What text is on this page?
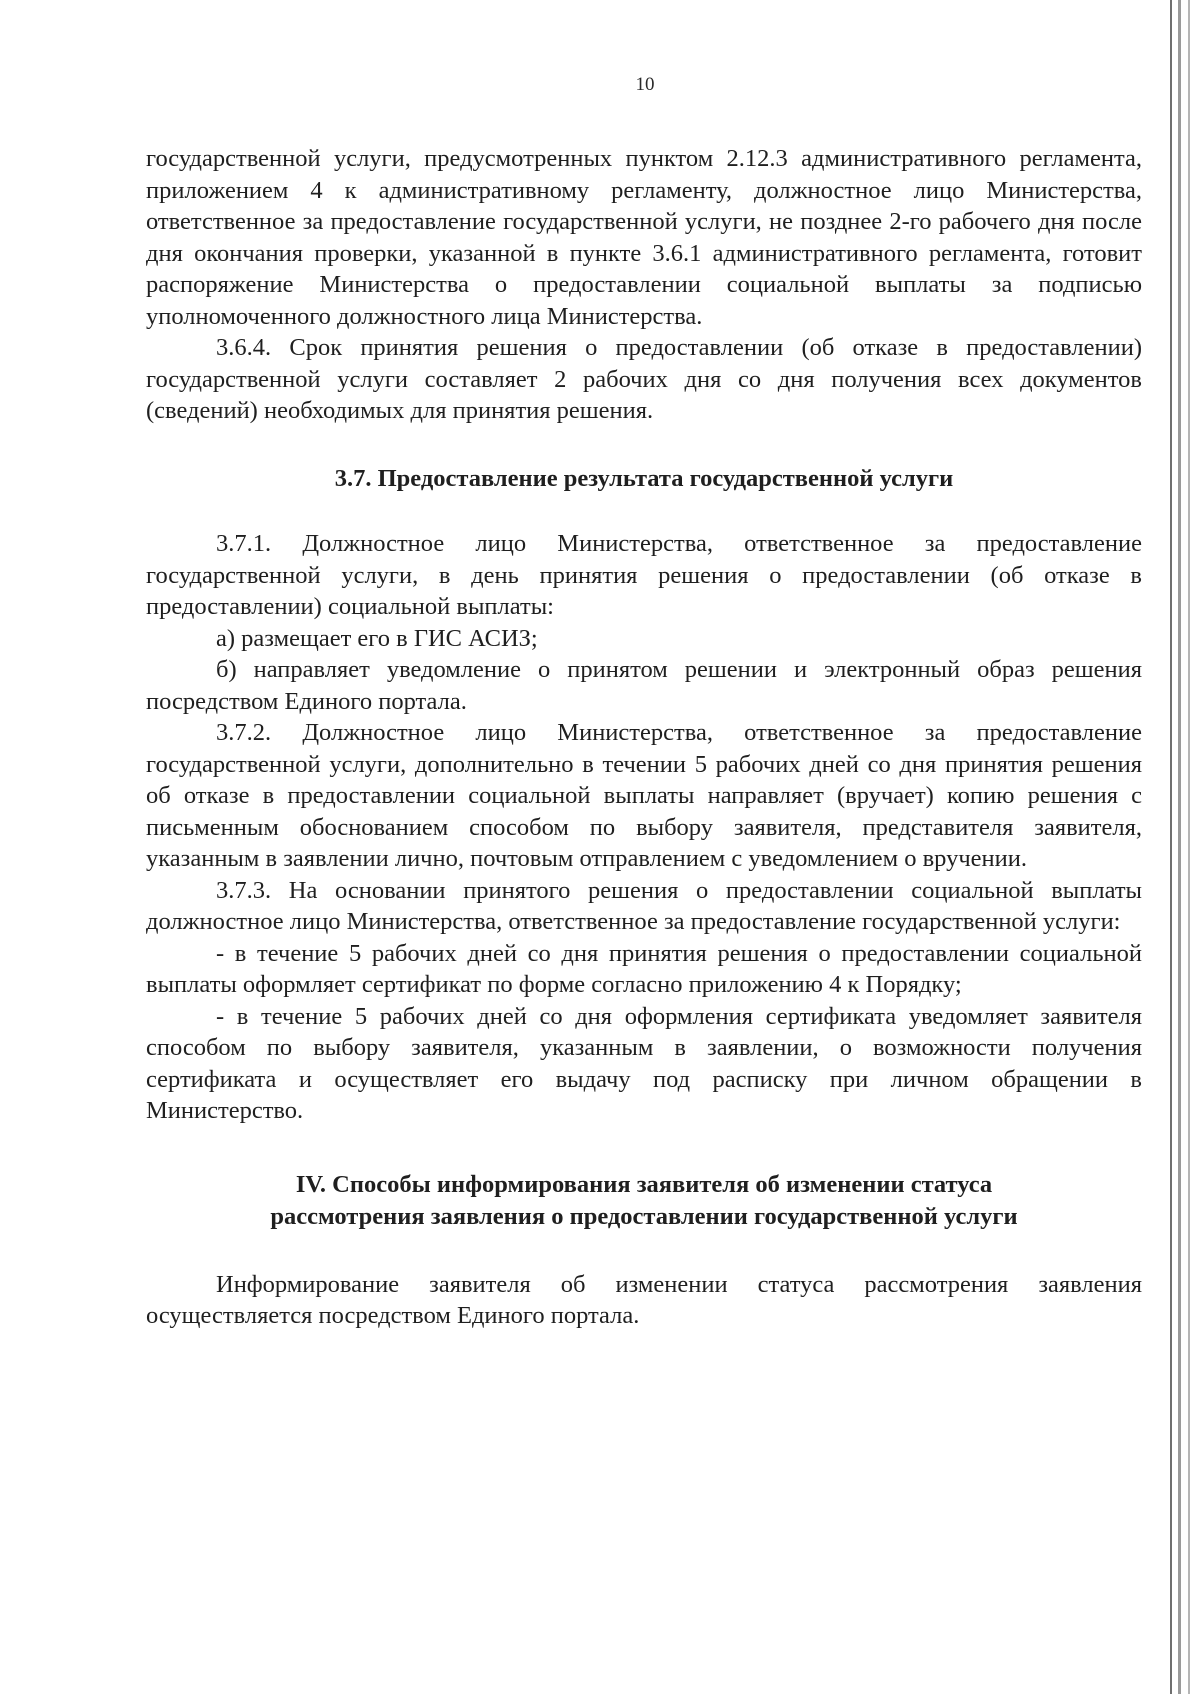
10

государственной услуги, предусмотренных пунктом 2.12.3 административного регламента, приложением 4 к административному регламенту, должностное лицо Министерства, ответственное за предоставление государственной услуги, не позднее 2-го рабочего дня после дня окончания проверки, указанной в пункте 3.6.1 административного регламента, готовит распоряжение Министерства о предоставлении социальной выплаты за подписью уполномоченного должностного лица Министерства.

3.6.4. Срок принятия решения о предоставлении (об отказе в предоставлении) государственной услуги составляет 2 рабочих дня со дня получения всех документов (сведений) необходимых для принятия решения.

3.7. Предоставление результата государственной услуги

3.7.1. Должностное лицо Министерства, ответственное за предоставление государственной услуги, в день принятия решения о предоставлении (об отказе в предоставлении) социальной выплаты:

а) размещает его в ГИС АСИЗ;

б) направляет уведомление о принятом решении и электронный образ решения посредством Единого портала.

3.7.2. Должностное лицо Министерства, ответственное за предоставление государственной услуги, дополнительно в течении 5 рабочих дней со дня принятия решения об отказе в предоставлении социальной выплаты направляет (вручает) копию решения с письменным обоснованием способом по выбору заявителя, представителя заявителя, указанным в заявлении лично, почтовым отправлением с уведомлением о вручении.

3.7.3. На основании принятого решения о предоставлении социальной выплаты должностное лицо Министерства, ответственное за предоставление государственной услуги:

- в течение 5 рабочих дней со дня принятия решения о предоставлении социальной выплаты оформляет сертификат по форме согласно приложению 4 к Порядку;

- в течение 5 рабочих дней со дня оформления сертификата уведомляет заявителя способом по выбору заявителя, указанным в заявлении, о возможности получения сертификата и осуществляет его выдачу под расписку при личном обращении в Министерство.

IV. Способы информирования заявителя об изменении статуса
рассмотрения заявления о предоставлении государственной услуги

Информирование заявителя об изменении статуса рассмотрения заявления осуществляется посредством Единого портала.
